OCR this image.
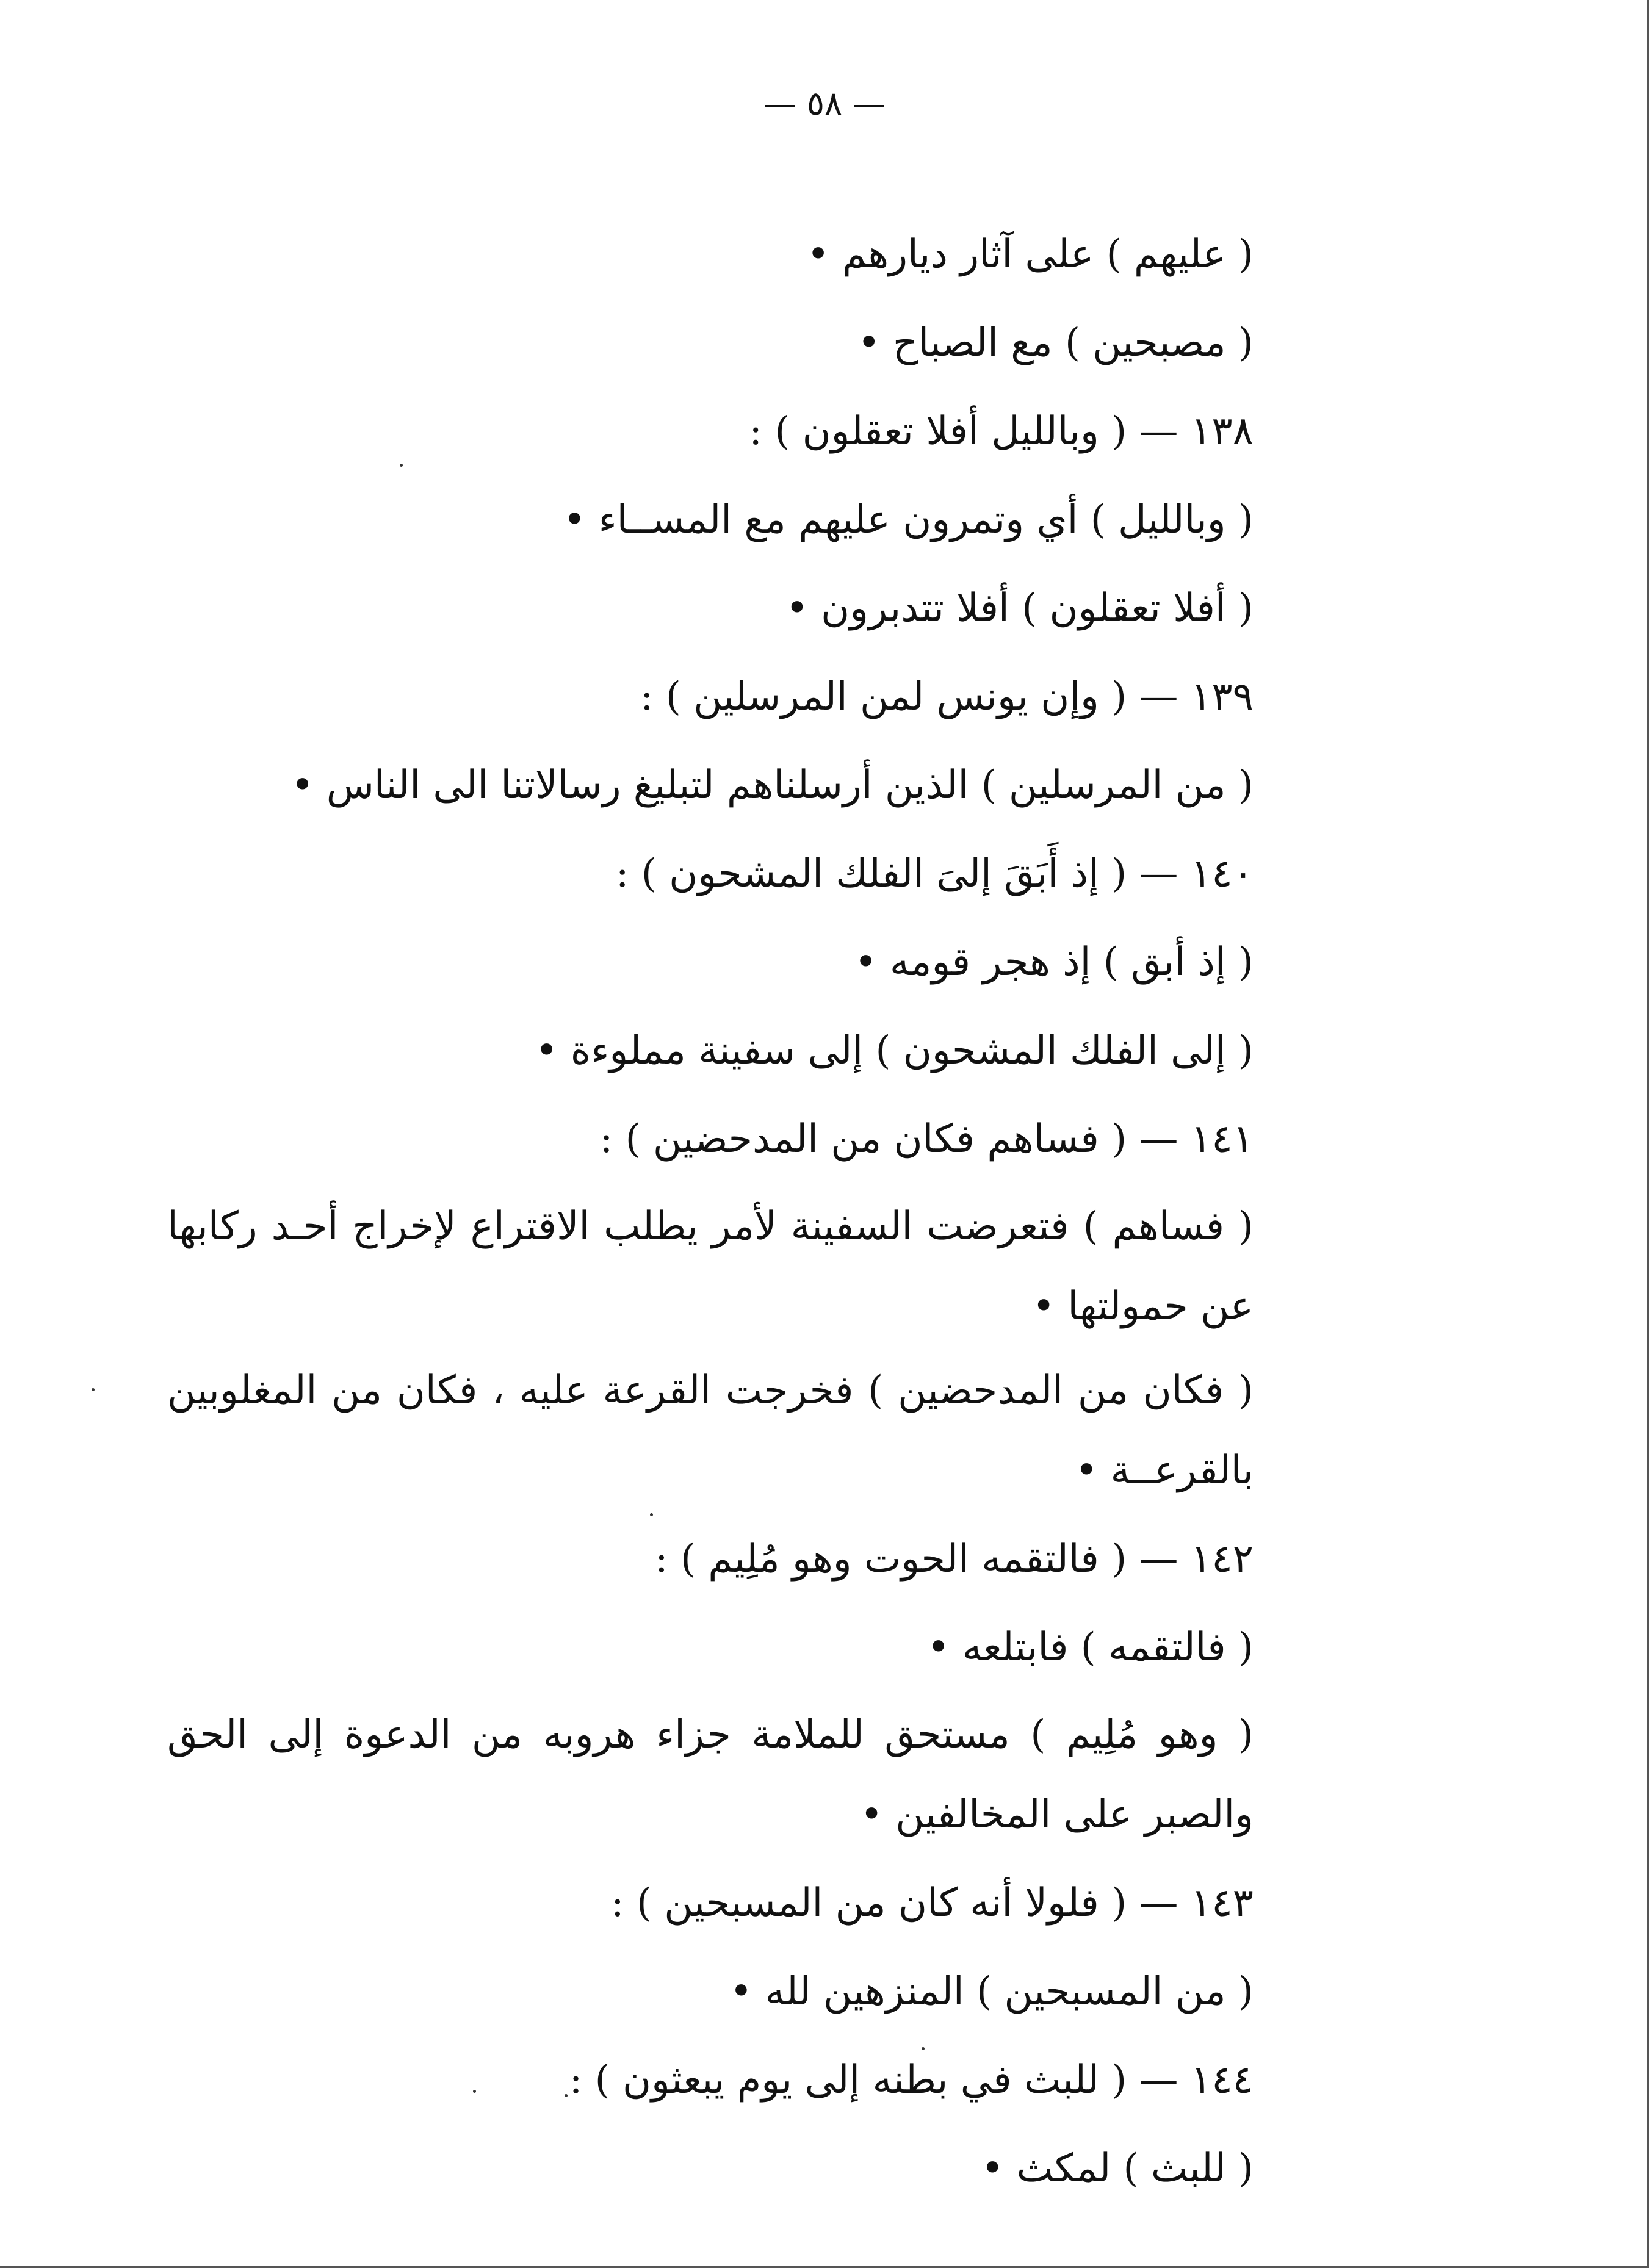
— ٥٨ —
( عليهم ) على آثار ديارهم •
( مصبحين ) مع الصباح •
١٣٨ — ( وباللیل أفلا تعقلون ) :
( وبالليل ) أي وتمرون عليهم مع المســاء •
( أفلا تعقلون ) أفلا تتدبرون •
١٣٩ — ( وإن يونس لمن المرسلين ) :
( من المرسلين ) الذين أرسلناهم لتبليغ رسالاتنا الى الناس •
١٤٠ — ( إذ أَبَقَ إلىَ الفلك المشحون ) :
( إذ أبق ) إذ هجر قومه •
( إلى الفلك المشحون ) إلى سفينة مملوءة •
١٤١ — ( فساهم فكان من المدحضين ) :
( فساهم ) فتعرضت السفينة لأمر يطلب الاقتراع لإخراج أحـد ركابها عن حمولتها •
( فكان من المدحضين ) فخرجت القرعة عليه ، فكان من المغلوبين بالقرعــة •
١٤٢ — ( فالتقمه الحوت وهو مُلِيم ) :
( فالتقمه ) فابتلعه •
( وهو مُلِيم ) مستحق للملامة جزاء هروبه من الدعوة إلى الحق والصبر على المخالفين •
١٤٣ — ( فلولا أنه كان من المسبحين ) :
( من المسبحين ) المنزهين لله •
١٤٤ — ( للبث في بطنه إلى يوم يبعثون ) :
( للبث ) لمكث •
